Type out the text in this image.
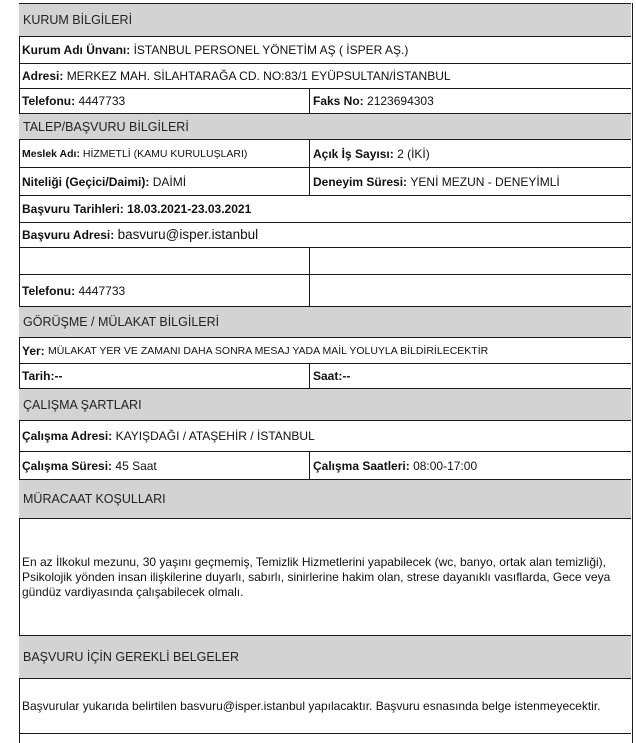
KURUM BİLGİLERİ
Kurum Adı Ünvanı:
İSTANBUL PERSONEL YÖNETİM AŞ ( İSPER AŞ.)
Adresi:
MERKEZ MAH. SİLAHTARAĞA CD. NO:83/1 EYÜPSULTAN/İSTANBUL
Telefonu:
4447733	Faks No:
2123694303
TALEP/BAŞVURU BİLGİLERİ
Meslek Adı:
HİZMETLİ (KAMU KURULUŞLARI)	Açık İş Sayısı:
2 (İKİ)
Niteliği (Geçici/Daimi):
DAİMİ	Deneyim Süresi:
YENİ MEZUN - DENEYİMLİ
Başvuru Tarihleri: 18.03.2021-23.03.2021
Başvuru Adresi:
basvuru@isper.istanbul
Telefonu:
4447733
GÖRÜŞME / MÜLAKAT BİLGİLERİ
Yer:
MÜLAKAT YER VE ZAMANI DAHA SONRA MESAJ YADA MAİL YOLUYLA BİLDİRİLECEKTİR
Tarih:--	Saat:--
ÇALIŞMA ŞARTLARI
Çalışma Adresi:
KAYIŞDAĞI / ATAŞEHİR / İSTANBUL
Çalışma Süresi:
45 Saat	Çalışma Saatleri:
08:00-17:00
MÜRACAAT KOŞULLARI
En az İlkokul mezunu, 30 yaşını geçmemiş, Temizlik Hizmetlerini yapabilecek (wc, banyo, ortak alan temizliği), Psikolojik yönden insan ilişkilerine duyarlı, sabırlı, sinirlerine hakim olan, strese dayanıklı vasıflarda, Gece veya gündüz vardiyasında çalışabilecek olmalı.
BAŞVURU İÇİN GEREKLİ BELGELER
Başvurular yukarıda belirtilen basvuru@isper.istanbul yapılacaktır. Başvuru esnasında belge istenmeyecektir.
